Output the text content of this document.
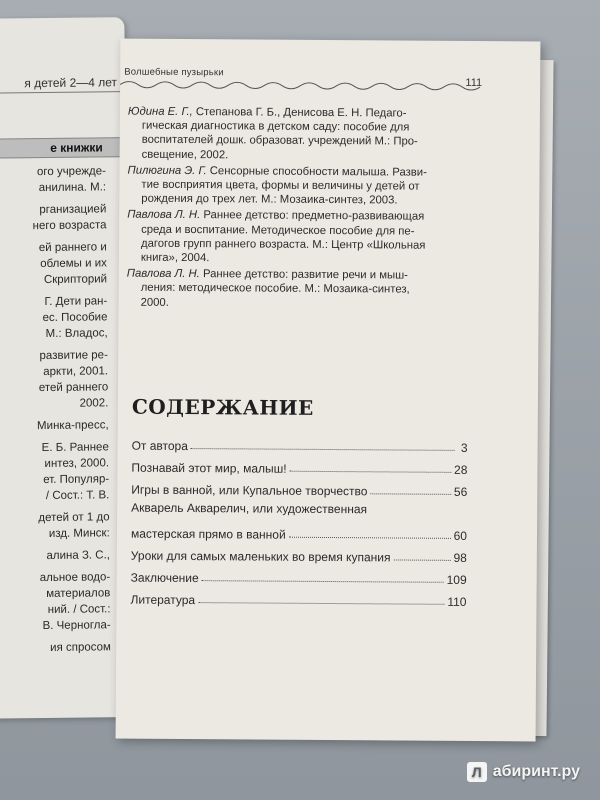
я детей 2—4 лет
е книжки
ого учрежде-
анилина. М.:
рганизацией
него возраста
ей раннего и
облемы и их
Скрипторий
Г. Дети ран-
ес. Пособие
М.: Владос,
развитие ре-
аркти, 2001.
етей раннего
2002.
Минка-пресс,
Е. Б. Раннее
интез, 2000.
ет. Популяр-
/ Сост.: Т. В.
детей от 1 до
изд. Минск:
алина З. С.,
альное водо-
материалов
ний. / Сост.:
В. Черногла-
ия спросом
Волшебные пузырьки
111
Юдина Е. Г., Степанова Г. Б., Денисова Е. Н. Педаго-
гическая диагностика в детском саду: пособие для
воспитателей дошк. образоват. учреждений М.: Про-
свещение, 2002.
Пилюгина Э. Г. Сенсорные способности малыша. Разви-
тие восприятия цвета, формы и величины у детей от
рождения до трех лет. М.: Мозаика-синтез, 2003.
Павлова Л. Н. Раннее детство: предметно-развивающая
среда и воспитание. Методическое пособие для пе-
дагогов групп раннего возраста. М.: Центр «Школьная
книга», 2004.
Павлова Л. Н. Раннее детство: развитие речи и мыш-
ления: методическое пособие. М.: Мозаика-синтез,
2000.
СОДЕРЖАНИЕ
От автора	3
Познавай этот мир, малыш!	28
Игры в ванной, или Купальное творчество	56
Акварель Акварелич, или художественная
мастерская прямо в ванной	60
Уроки для самых маленьких во время купания	98
Заключение	109
Литература	110
Л абиринт.ру
